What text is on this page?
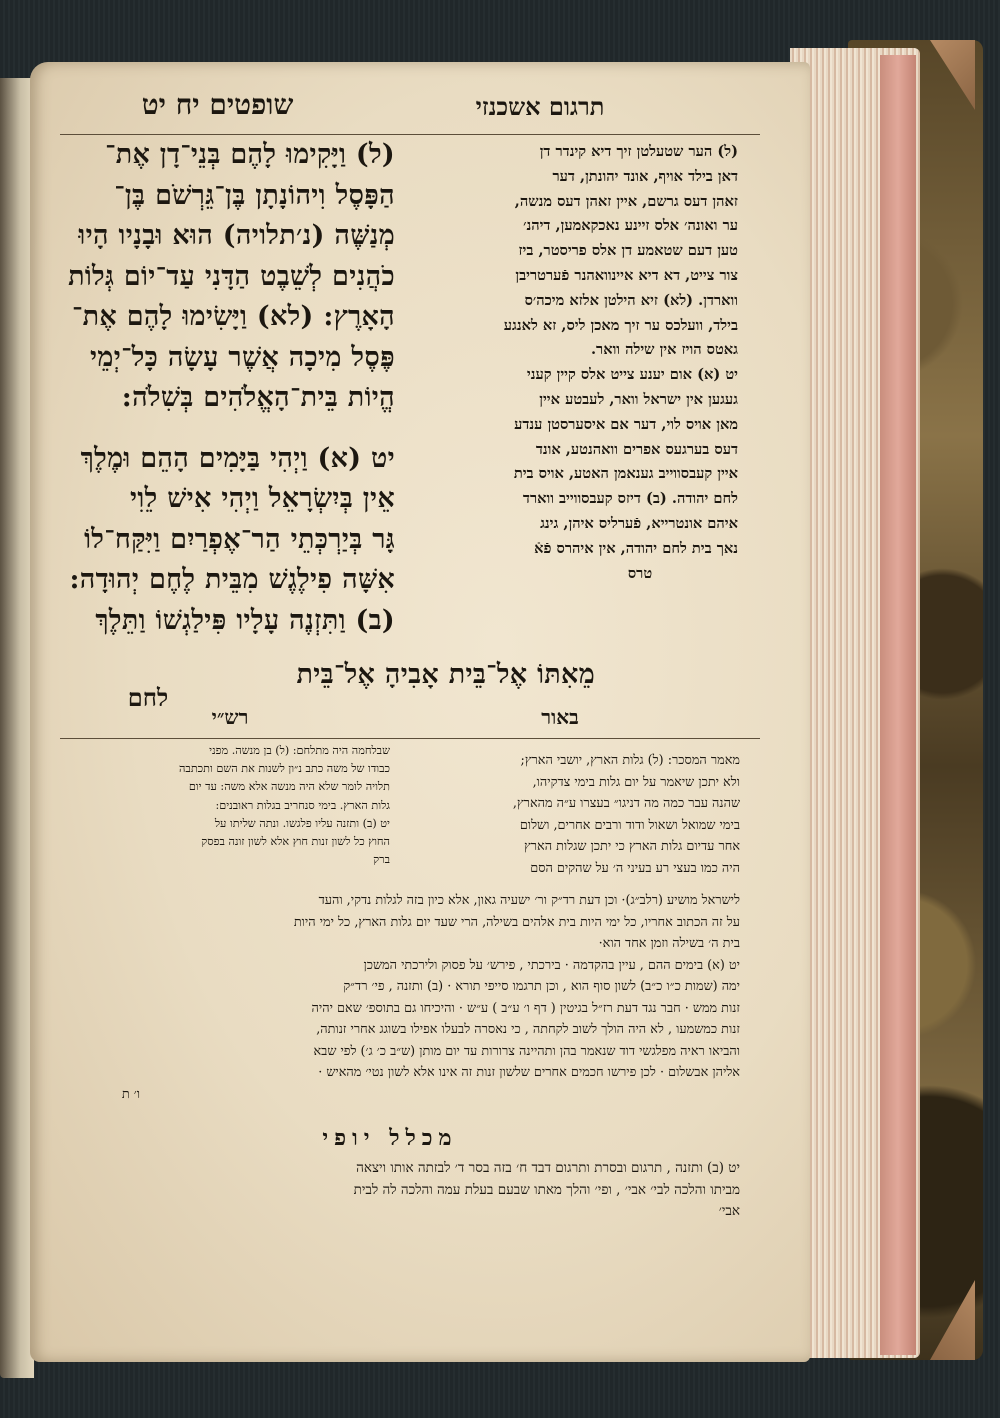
שופטים יח יט	תרגום אשכנזי
(ל) וַיָּקִימוּ לָהֶם בְּנֵי־דָן אֶת־
הַפָּסֶל וִיהוֹנָתָן בֶּן־גֵּרְשֹׁם בֶּן־
מְנַשֶּׁה (נ׳תלויה) הוּא וּבָנָיו הָיוּ
כֹהֲנִים לְשֵׁבֶט הַדָּנִי עַד־יוֹם גְּלוֹת
הָאָרֶץ: (לא) וַיָּשִׂימוּ לָהֶם אֶת־
פֶּסֶל מִיכָה אֲשֶׁר עָשָׂה כָּל־יְמֵי
הֱיוֹת בֵּית־הָאֱלֹהִים בְּשִׁלֹה:
יט (א) וַיְהִי בַּיָּמִים הָהֵם וּמֶלֶךְ
אֵין בְּיִשְׂרָאֵל וַיְהִי אִישׁ לֵוִי
גָּר בְּיַרְכְּתֵי הַר־אֶפְרַיִם וַיִּקַּח־לוֹ
אִשָּׁה פִילֶגֶשׁ מִבֵּית לֶחֶם יְהוּדָה:
(ב) וַתִּזְנֶה עָלָיו פִּילַגְשׁוֹ וַתֵּלֶךְ
מֵאִתּוֹ אֶל־בֵּית אָבִיהָ אֶל־בֵּית
לחם
(ל) הער שטעלטן זיך דיא קינדר דן
דאן בילד אויף, אונד יהונתן, דער
זאהן דעס גרשם, איין זאהן דעס מנשה,
ער ואונה׳ אלס זיינע נאכקאמען, דיהנ׳
טען דעם שטאמע דן אלס פריסטר, ביז
צור צייט, דא דיא איינוואהנר פֿערטריבן
ווארדן. (לא) זיא הילטן אלזא מיכה׳ס
בילד, וועלכס ער זיך מאכן ליס, זא לאנגע
גאטס הויז אין שילה וואר.
יט (א) אום יענע צייט אלס קיין קעני
געגען אין ישראל וואר, לעבטע איין
מאן אויס לוי, דער אם איסערסטן ענדע
דעס בערגעס אפרים וואהנטע, אונד
איין קעבסווייב גענאמן האטע, אויס בית
לחם יהודה. (ב) דיזס קעבסווייב ווארד
איהם אונטרייא, פֿערליס איהן, גינג
נאך בית לחם יהודה, אין איהרס פֿאֿ
טרס
רש״י	באור
שבלחמה היה מתלחם: (ל) בן מנשה. מפני
כבודו של משה כתב נ״ון לשנות את השם ותכתבה
תלויה לומר שלא היה מנשה אלא משה: עד יום
גלות הארץ. בימי סנחריב בגלות ראובנים:
יט (ב) ותזנה עליו פלגשו. ונתה שליתו על
החוץ כל לשון זנות חוץ אלא לשון זונה בפסק
ברק
מאמר המסכר: (ל) גלות הארץ, יושבי הארץ;
ולא יתכן שיאמר על יום גלות בימי צדקיהו,
שהנה עבר כמה מה דניגו״ בעצרו ע״ה מהארץ,
בימי שמואל ושאול ודוד ורבים אחרים, ושלום
אחר עדיום גלות הארץ כי יתכן שגלות הארץ
היה כמו בעצי רע בעיני ה׳ על שהקים הסם
לישראל מושיע (רלב״ג)· וכן דעת רד״ק ור׳ ישעיה גאון, אלא כיון בזה לגלות נדקי, והעד
על זה הכתוב אחריו, כל ימי היות בית אלהים בשילה, הרי שעד יום גלות הארץ, כל ימי היות
בית ה׳ בשילה וזמן אחד הוא·
יט (א) בימים ההם , עיין בהקדמה · בירכתי , פירש׳ על פסוק ולירכתי המשכן
ימה (שמות כ״ו כ״ב) לשון סוף הוא , וכן תרגמו סייפי תורא · (ב) ותזנה , פי׳ רד״ק
זנות ממש · חבר נגד דעת רז״ל בגיטין ( דף ו׳ ע״ב ) ע״ש · והיכיחו גם בתוספ׳ שאם יהיה
זנות כמשמעו , לא היה הולך לשוב לקחתה , כי נאסרה לבעלו אפילו בשוגג אחרי זנותה,
והביאו ראיה מפלגשי דוד שנאמר בהן ותהיינה צרורות עד יום מותן (ש״ב כ׳ ג׳) לפי שבא
אליהן אבשלום · לכן פירשו חכמים אחרים שלשון זנות זה אינו אלא לשון נטי׳ מהאיש ·
ו׳ ת
מכלל יופי
יט (ב) ותזנה , תרגום ובסרת ותרגום דבד ח׳ בזה בסר ד׳ לבזתה אותו ויצאה
מביתו והלכה לבי׳ אבי׳ , ופי׳ והלך מאתו שבעם בעלת עמה והלכה לה לבית
אבי׳
